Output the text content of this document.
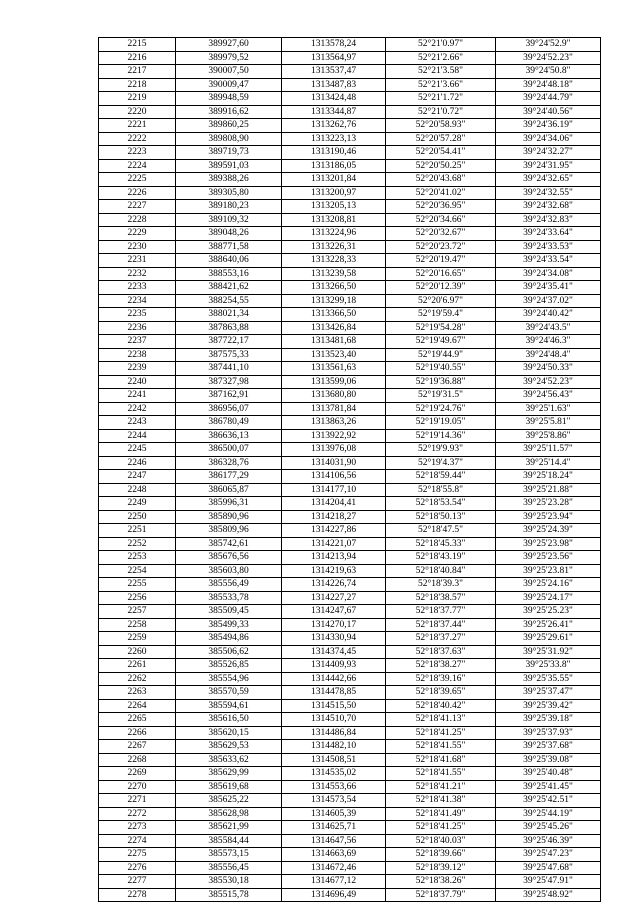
2215	389927,60	1313578,24	52°21'0.97"	39°24'52.9"
2216	389979,52	1313564,97	52°21'2.66"	39°24'52.23"
2217	390007,50	1313537,47	52°21'3.58"	39°24'50.8"
2218	390009,47	1313487,83	52°21'3.66"	39°24'48.18"
2219	389948,59	1313424,48	52°21'1.72"	39°24'44.79"
2220	389916,62	1313344,87	52°21'0.72"	39°24'40.56"
2221	389860,25	1313262,76	52°20'58.93"	39°24'36.19"
2222	389808,90	1313223,13	52°20'57.28"	39°24'34.06"
2223	389719,73	1313190,46	52°20'54.41"	39°24'32.27"
2224	389591,03	1313186,05	52°20'50.25"	39°24'31.95"
2225	389388,26	1313201,84	52°20'43.68"	39°24'32.65"
2226	389305,80	1313200,97	52°20'41.02"	39°24'32.55"
2227	389180,23	1313205,13	52°20'36.95"	39°24'32.68"
2228	389109,32	1313208,81	52°20'34.66"	39°24'32.83"
2229	389048,26	1313224,96	52°20'32.67"	39°24'33.64"
2230	388771,58	1313226,31	52°20'23.72"	39°24'33.53"
2231	388640,06	1313228,33	52°20'19.47"	39°24'33.54"
2232	388553,16	1313239,58	52°20'16.65"	39°24'34.08"
2233	388421,62	1313266,50	52°20'12.39"	39°24'35.41"
2234	388254,55	1313299,18	52°20'6.97"	39°24'37.02"
2235	388021,34	1313366,50	52°19'59.4"	39°24'40.42"
2236	387863,88	1313426,84	52°19'54.28"	39°24'43.5"
2237	387722,17	1313481,68	52°19'49.67"	39°24'46.3"
2238	387575,33	1313523,40	52°19'44.9"	39°24'48.4"
2239	387441,10	1313561,63	52°19'40.55"	39°24'50.33"
2240	387327,98	1313599,06	52°19'36.88"	39°24'52.23"
2241	387162,91	1313680,80	52°19'31.5"	39°24'56.43"
2242	386956,07	1313781,84	52°19'24.76"	39°25'1.63"
2243	386780,49	1313863,26	52°19'19.05"	39°25'5.81"
2244	386636,13	1313922,92	52°19'14.36"	39°25'8.86"
2245	386500,07	1313976,08	52°19'9.93"	39°25'11.57"
2246	386328,76	1314031,90	52°19'4.37"	39°25'14.4"
2247	386177,29	1314106,56	52°18'59.44"	39°25'18.24"
2248	386065,87	1314177,10	52°18'55.8"	39°25'21.88"
2249	385996,31	1314204,41	52°18'53.54"	39°25'23.28"
2250	385890,96	1314218,27	52°18'50.13"	39°25'23.94"
2251	385809,96	1314227,86	52°18'47.5"	39°25'24.39"
2252	385742,61	1314221,07	52°18'45.33"	39°25'23.98"
2253	385676,56	1314213,94	52°18'43.19"	39°25'23.56"
2254	385603,80	1314219,63	52°18'40.84"	39°25'23.81"
2255	385556,49	1314226,74	52°18'39.3"	39°25'24.16"
2256	385533,78	1314227,27	52°18'38.57"	39°25'24.17"
2257	385509,45	1314247,67	52°18'37.77"	39°25'25.23"
2258	385499,33	1314270,17	52°18'37.44"	39°25'26.41"
2259	385494,86	1314330,94	52°18'37.27"	39°25'29.61"
2260	385506,62	1314374,45	52°18'37.63"	39°25'31.92"
2261	385526,85	1314409,93	52°18'38.27"	39°25'33.8"
2262	385554,96	1314442,66	52°18'39.16"	39°25'35.55"
2263	385570,59	1314478,85	52°18'39.65"	39°25'37.47"
2264	385594,61	1314515,50	52°18'40.42"	39°25'39.42"
2265	385616,50	1314510,70	52°18'41.13"	39°25'39.18"
2266	385620,15	1314486,84	52°18'41.25"	39°25'37.93"
2267	385629,53	1314482,10	52°18'41.55"	39°25'37.68"
2268	385633,62	1314508,51	52°18'41.68"	39°25'39.08"
2269	385629,99	1314535,02	52°18'41.55"	39°25'40.48"
2270	385619,68	1314553,66	52°18'41.21"	39°25'41.45"
2271	385625,22	1314573,54	52°18'41.38"	39°25'42.51"
2272	385628,98	1314605,39	52°18'41.49"	39°25'44.19"
2273	385621,99	1314625,71	52°18'41.25"	39°25'45.26"
2274	385584,44	1314647,56	52°18'40.03"	39°25'46.39"
2275	385573,15	1314663,69	52°18'39.66"	39°25'47.23"
2276	385556,45	1314672,46	52°18'39.12"	39°25'47.68"
2277	385530,18	1314677,12	52°18'38.26"	39°25'47.91"
2278	385515,78	1314696,49	52°18'37.79"	39°25'48.92"
